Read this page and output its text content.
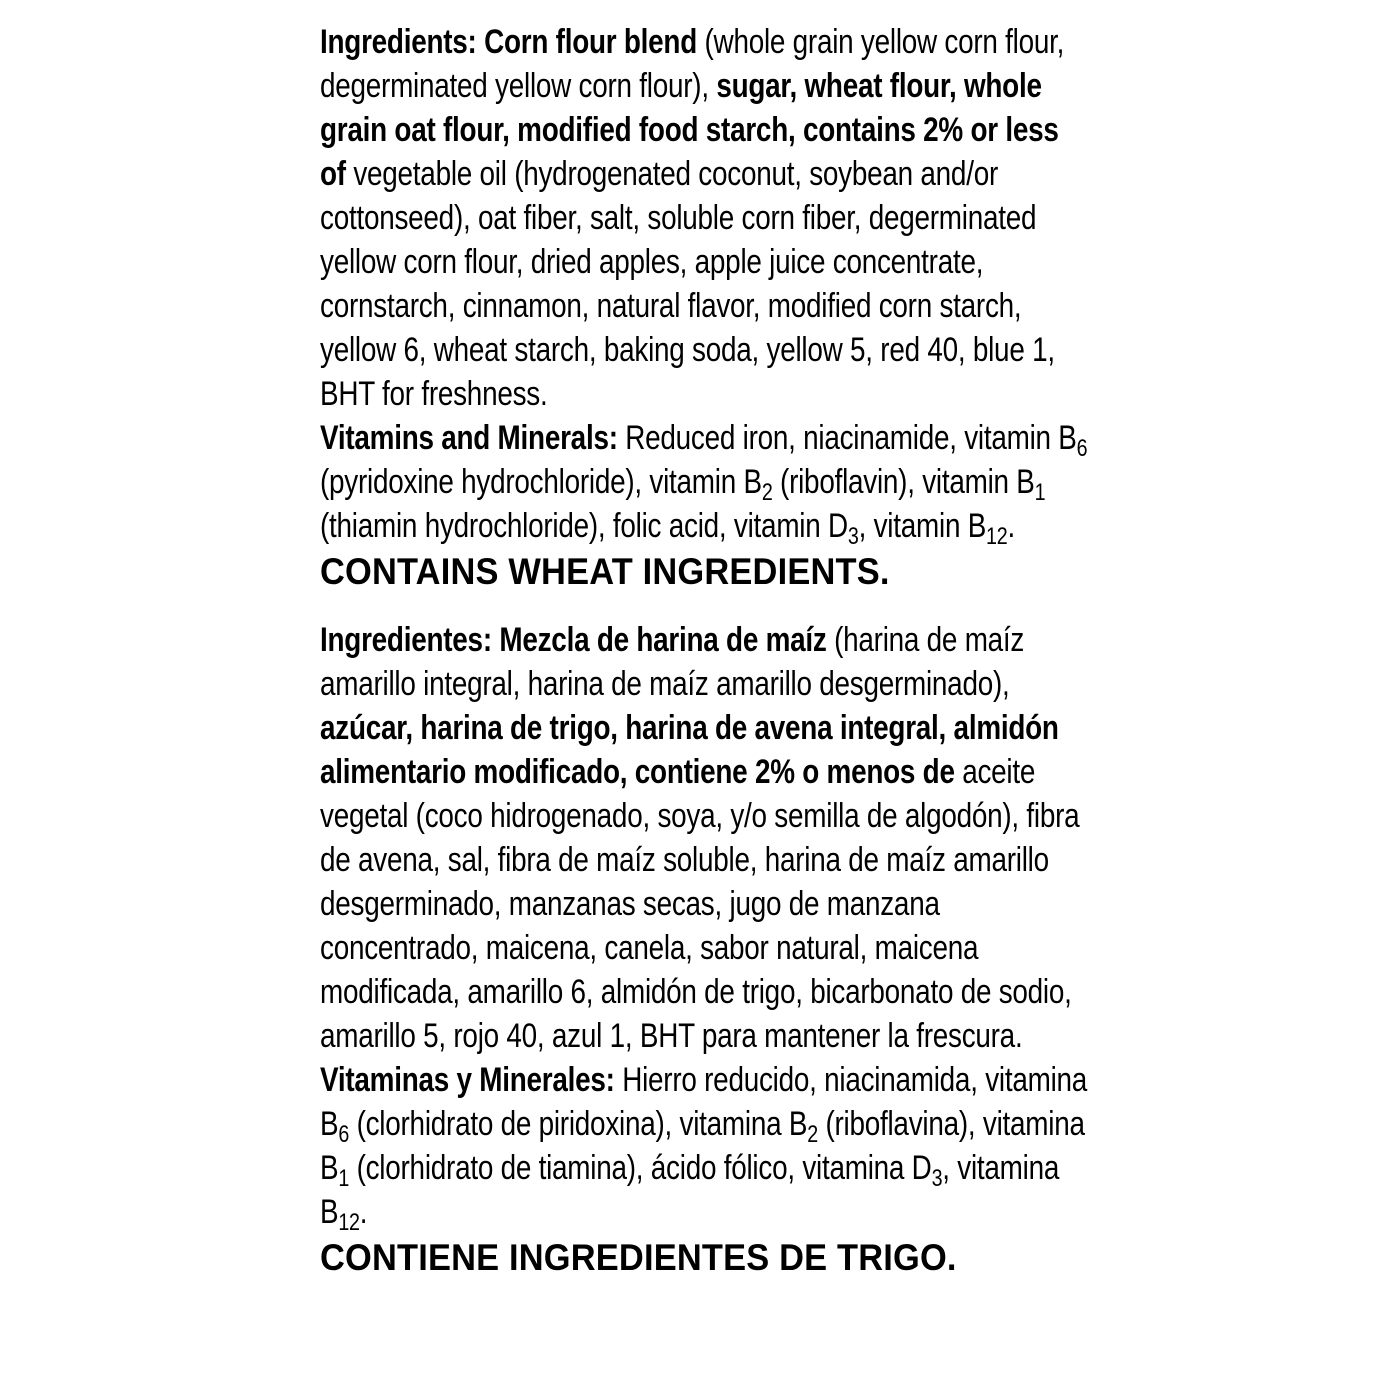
Ingredients: Corn flour blend (whole grain yellow corn flour, degerminated yellow corn flour), sugar, wheat flour, whole grain oat flour, modified food starch, contains 2% or less of vegetable oil (hydrogenated coconut, soybean and/or cottonseed), oat fiber, salt, soluble corn fiber, degerminated yellow corn flour, dried apples, apple juice concentrate, cornstarch, cinnamon, natural flavor, modified corn starch, yellow 6, wheat starch, baking soda, yellow 5, red 40, blue 1, BHT for freshness.

Vitamins and Minerals: Reduced iron, niacinamide, vitamin $B_6$ (pyridoxine hydrochloride), vitamin $B_2$ (riboflavin), vitamin $B_1$ (thiamin hydrochloride), folic acid, vitamin $D_3$, vitamin $B_{12}$.

CONTAINS WHEAT INGREDIENTS.

Ingredientes: Mezcla de harina de maíz (harina de maíz amarillo integral, harina de maíz amarillo desgerminado), azúcar, harina de trigo, harina de avena integral, almidón alimentario modificado, contiene 2% o menos de aceite vegetal (coco hidrogenado, soya, y/o semilla de algodón), fibra de avena, sal, fibra de maíz soluble, harina de maíz amarillo desgerminado, manzanas secas, jugo de manzana concentrado, maicena, canela, sabor natural, maicena modificada, amarillo 6, almidón de trigo, bicarbonato de sodio, amarillo 5, rojo 40, azul 1, BHT para mantener la frescura.

Vitaminas y Minerales: Hierro reducido, niacinamida, vitamina $B_6$ (clorhidrato de piridoxina), vitamina $B_2$ (riboflavina), vitamina $B_1$ (clorhidrato de tiamina), ácido fólico, vitamina $D_3$, vitamina $B_{12}$.

CONTIENE INGREDIENTES DE TRIGO.
